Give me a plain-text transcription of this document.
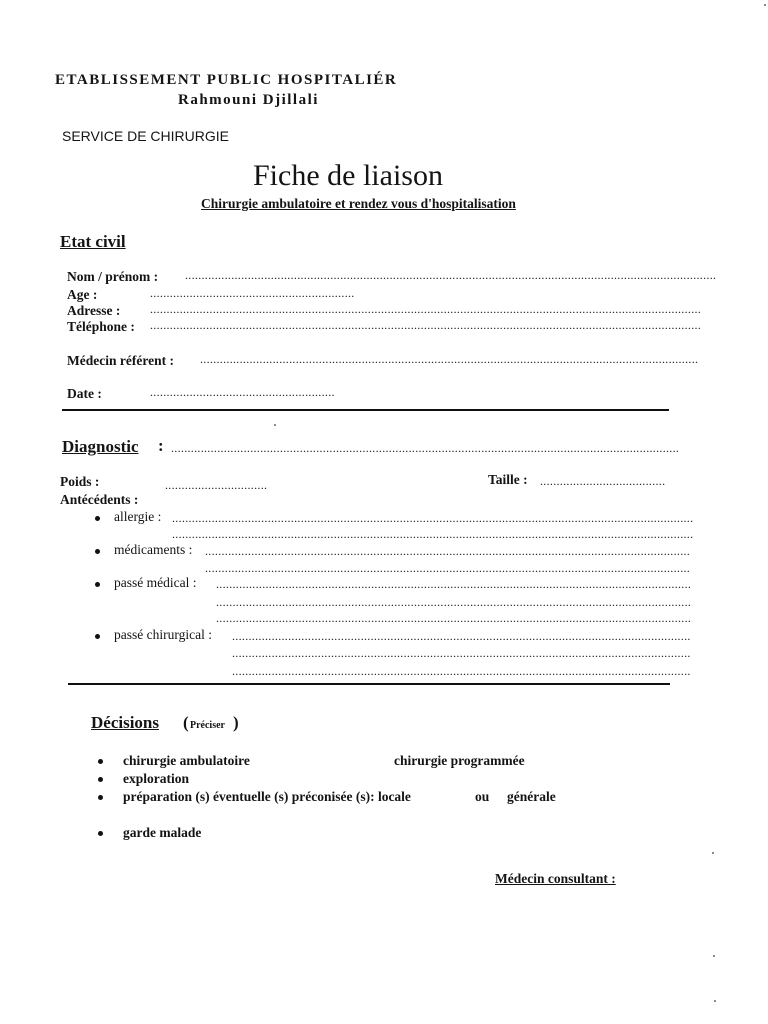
ETABLISSEMENT PUBLIC HOSPITALIÉR
Rahmouni Djillali
SERVICE DE CHIRURGIE
Fiche de liaison
Chirurgie ambulatoire et rendez vous d'hospitalisation
Etat civil
Nom / prénom : .................................................................................................................................................................
Age :	..............................................................
Adresse : .......................................................................................................................................................................
Téléphone : .......................................................................................................................................................................
Médecin référent : .......................................................................................................................................................
Date :	........................................................
Diagnostic : ..........................................................................................................................................................
Poids :	...............................	Taille : ......................................
Antécédents :
allergie : ..............................................................................................................................................................
..............................................................................................................................................................
médicaments : ...................................................................................................................................................
...................................................................................................................................................
passé médical : ................................................................................................................................................
................................................................................................................................................
................................................................................................................................................
passé chirurgical : ...........................................................................................................................................
...........................................................................................................................................
...........................................................................................................................................
Décisions ( Préciser )
chirurgie ambulatoire	chirurgie programmée
exploration
préparation (s) éventuelle (s) préconisée (s): locale	ou générale
garde malade
Médecin consultant :
